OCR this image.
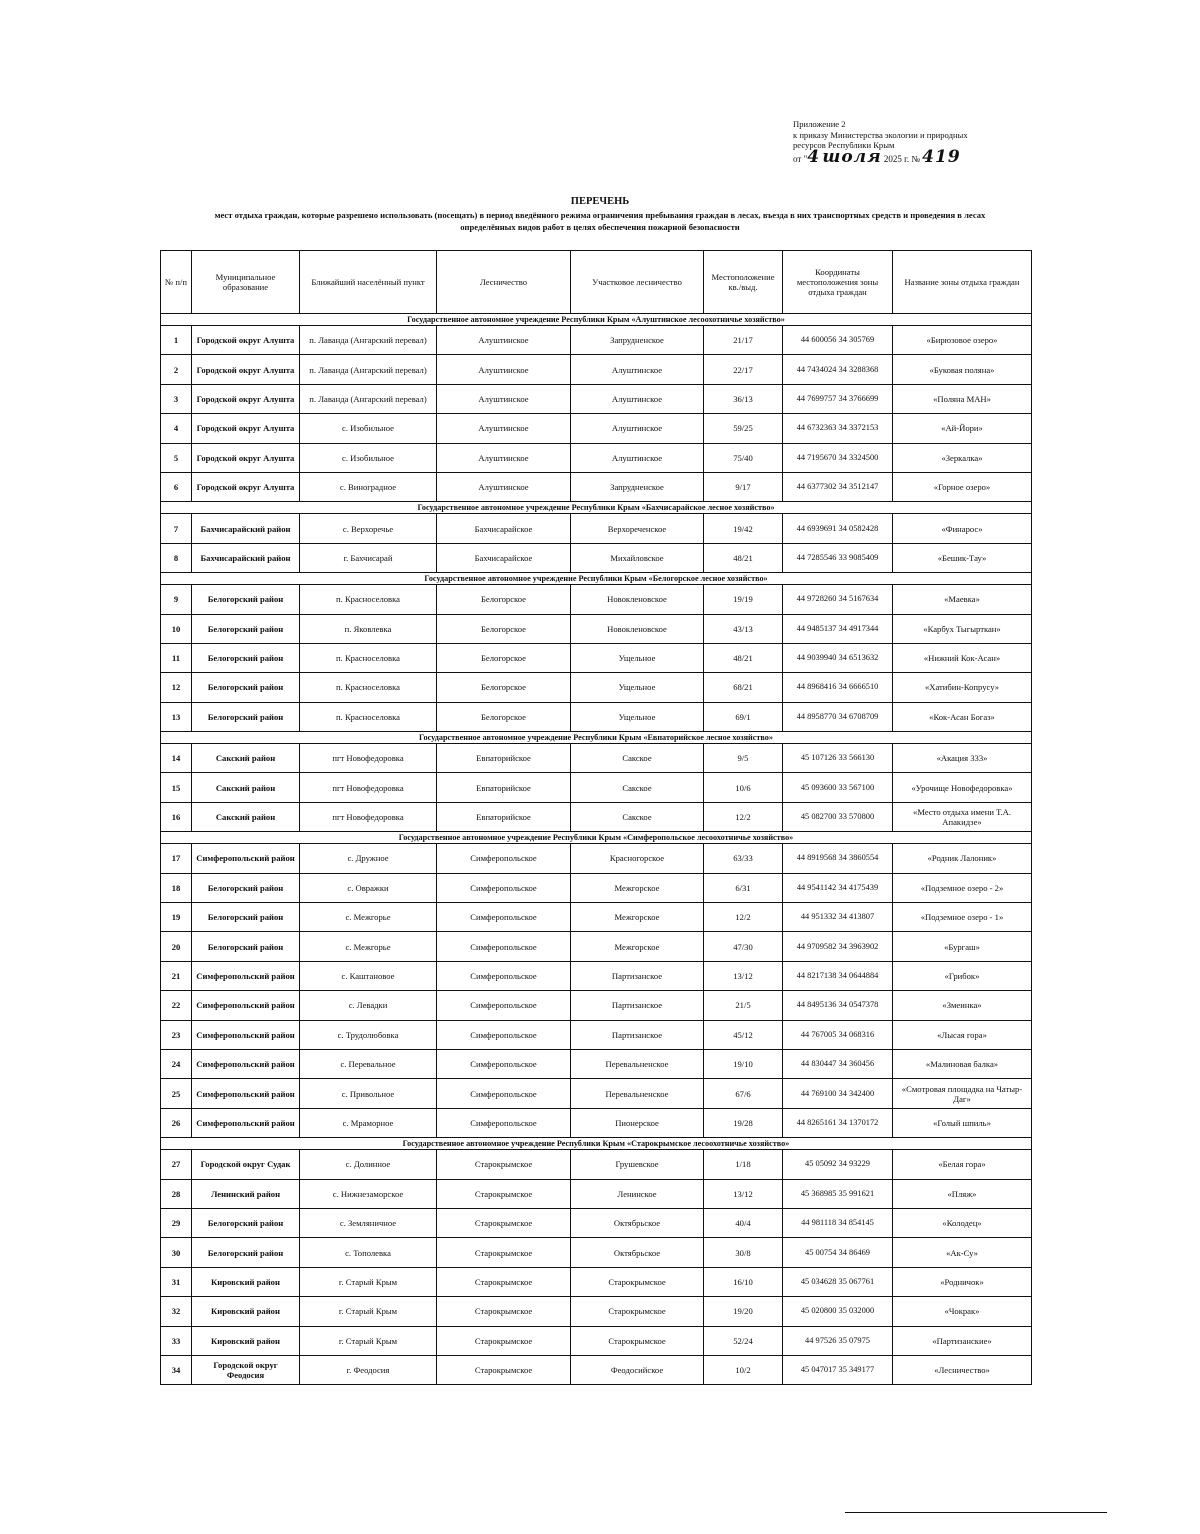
Приложение 2
к приказу Министерства экологии и природных
ресурсов Республики Крым
от "4 шоля 2025 г. № 419
ПЕРЕЧЕНЬ
мест отдыха граждан, которые разрешено использовать (посещать) в период введённого режима ограничения пребывания граждан в лесах, въезда в них транспортных средств и проведения в лесах определённых видов работ в целях обеспечения пожарной безопасности
№ п/п	Муниципальное образование	Ближайший населённый пункт	Лесничество	Участковое лесничество	Местоположение кв./выд.	Координаты местоположения зоны отдыха граждан	Название зоны отдыха граждан
Государственное автономное учреждение Республики Крым «Алуштинское лесоохотничье хозяйство»							
1	Городской округ Алушта	п. Лаванда (Ангарский перевал)	Алуштинское	Запрудненское	21/17	44 600056 34 305769	«Бирюзовое озеро»
2	Городской округ Алушта	п. Лаванда (Ангарский перевал)	Алуштинское	Алуштинское	22/17	44 7434024 34 3288368	«Буковая поляна»
3	Городской округ Алушта	п. Лаванда (Ангарский перевал)	Алуштинское	Алуштинское	36/13	44 7699757 34 3766699	«Поляна МАН»
4	Городской округ Алушта	с. Изобильное	Алуштинское	Алуштинское	59/25	44 6732363 34 3372153	«Ай-Йори»
5	Городской округ Алушта	с. Изобильное	Алуштинское	Алуштинское	75/40	44 7195670 34 3324500	«Зеркалка»
6	Городской округ Алушта	с. Виноградное	Алуштинское	Запрудненское	9/17	44 6377302 34 3512147	«Горное озеро»
Государственное автономное учреждение Республики Крым «Бахчисарайское лесное хозяйство»							
7	Бахчисарайский район	с. Верхоречье	Бахчисарайское	Верхореченское	19/42	44 6939691 34 0582428	«Финарос»
8	Бахчисарайский район	г. Бахчисарай	Бахчисарайское	Михайловское	48/21	44 7285546 33 9085409	«Бешик-Тау»
Государственное автономное учреждение Республики Крым «Белогорское лесное хозяйство»							
9	Белогорский район	п. Красноселовка	Белогорское	Новокленовское	19/19	44 9728260 34 5167634	«Маевка»
10	Белогорский район	п. Яковлевка	Белогорское	Новокленовское	43/13	44 9485137 34 4917344	«Карбух Тыгырткан»
11	Белогорский район	п. Красноселовка	Белогорское	Ущельное	48/21	44 9039940 34 6513632	«Нижний Кок-Асан»
12	Белогорский район	п. Красноселовка	Белогорское	Ущельное	68/21	44 8968416 34 6666510	«Хатибин-Копрусу»
13	Белогорский район	п. Красноселовка	Белогорское	Ущельное	69/1	44 8958770 34 6708709	«Кок-Асан Богаз»
Государственное автономное учреждение Республики Крым «Евпаторийское лесное хозяйство»							
14	Сакский район	пгт Новофедоровка	Евпаторийское	Сакское	9/5	45 107126 33 566130	«Акация 333»
15	Сакский район	пгт Новофедоровка	Евпаторийское	Сакское	10/6	45 093600 33 567100	«Урочище Новофедоровка»
16	Сакский район	пгт Новофедоровка	Евпаторийское	Сакское	12/2	45 082700 33 570800	«Место отдыха имени Т.А. Апакидзе»
Государственное автономное учреждение Республики Крым «Симферопольское лесоохотничье хозяйство»							
17	Симферопольский район	с. Дружное	Симферопольское	Красногорское	63/33	44 8919568 34 3860554	«Родник Лалоник»
18	Белогорский район	с. Овражки	Симферопольское	Межгорское	6/31	44 9541142 34 4175439	«Подземное озеро - 2»
19	Белогорский район	с. Межгорье	Симферопольское	Межгорское	12/2	44 951332 34 413807	«Подземное озеро - 1»
20	Белогорский район	с. Межгорье	Симферопольское	Межгорское	47/30	44 9709582 34 3963902	«Бургаш»
21	Симферопольский район	с. Каштановое	Симферопольское	Партизанское	13/12	44 8217138 34 0644884	«Грибок»
22	Симферопольский район	с. Левадки	Симферопольское	Партизанское	21/5	44 8495136 34 0547378	«Змеинка»
23	Симферопольский район	с. Трудолюбовка	Симферопольское	Партизанское	45/12	44 767005 34 068316	«Лысая гора»
24	Симферопольский район	с. Перевальное	Симферопольское	Перевальненское	19/10	44 830447 34 360456	«Малиновая балка»
25	Симферопольский район	с. Привольное	Симферопольское	Перевальненское	67/6	44 769100 34 342400	«Смотровая площадка на Чатыр-Даг»
26	Симферопольский район	с. Мраморное	Симферопольское	Пионерское	19/28	44 8265161 34 1370172	«Голый шпиль»
Государственное автономное учреждение Республики Крым «Старокрымское лесоохотничье хозяйство»							
27	Городской округ Судак	с. Долинное	Старокрымское	Грушевское	1/18	45 05092 34 93229	«Белая гора»
28	Ленинский район	с. Нижнезаморское	Старокрымское	Ленинское	13/12	45 368985 35 991621	«Пляж»
29	Белогорский район	с. Земляничное	Старокрымское	Октябрьское	40/4	44 981118 34 854145	«Колодец»
30	Белогорский район	с. Тополевка	Старокрымское	Октябрьское	30/8	45 00754 34 86469	«Ак-Су»
31	Кировский район	г. Старый Крым	Старокрымское	Старокрымское	16/10	45 034628 35 067761	«Родничок»
32	Кировский район	г. Старый Крым	Старокрымское	Старокрымское	19/20	45 020800 35 032000	«Чокрак»
33	Кировский район	г. Старый Крым	Старокрымское	Старокрымское	52/24	44 97526 35 07975	«Партизанские»
34	Городской округ Феодосия	г. Феодосия	Старокрымское	Феодосийское	10/2	45 047017 35 349177	«Лесничество»
